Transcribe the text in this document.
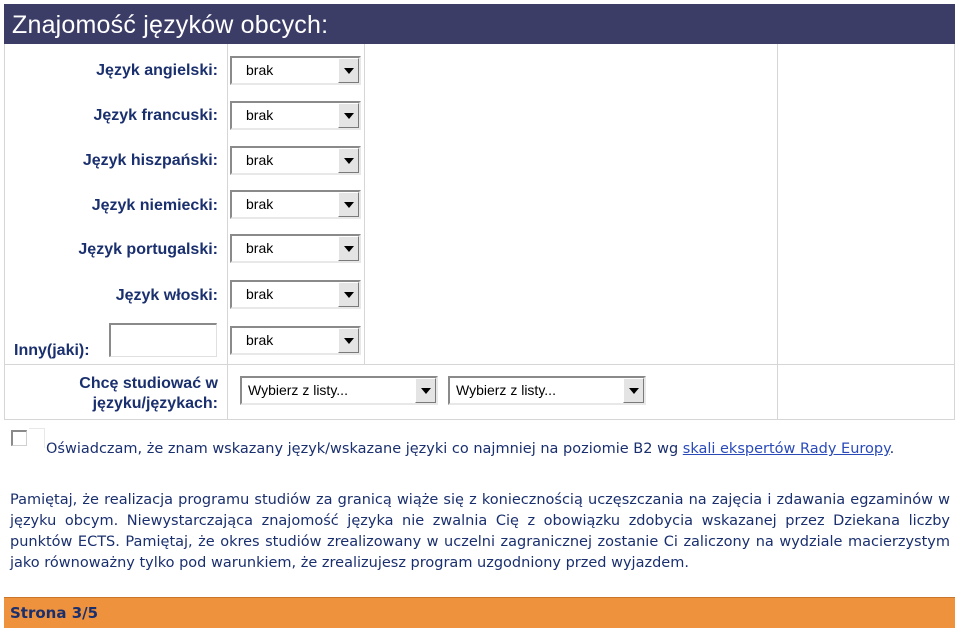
Znajomość języków obcych:
Język angielski: brak
Język francuski: brak
Język hiszpański: brak
Język niemiecki: brak
Język portugalski: brak
Język włoski: brak
Inny(jaki):
brak
Chcę studiować w
języku/językach:
Wybierz z listy...	Wybierz z listy...
Oświadczam, że znam wskazany język/wskazane języki co najmniej na poziomie B2 wg skali ekspertów Rady Europy.
Pamiętaj, że realizacja programu studiów za granicą wiąże się z koniecznością uczęszczania na zajęcia i zdawania egzaminów w języku obcym. Niewystarczająca znajomość języka nie zwalnia Cię z obowiązku zdobycia wskazanej przez Dziekana liczby punktów ECTS. Pamiętaj, że okres studiów zrealizowany w uczelni zagranicznej zostanie Ci zaliczony na wydziale macierzystym jako równoważny tylko pod warunkiem, że zrealizujesz program uzgodniony przed wyjazdem.
Strona 3/5
